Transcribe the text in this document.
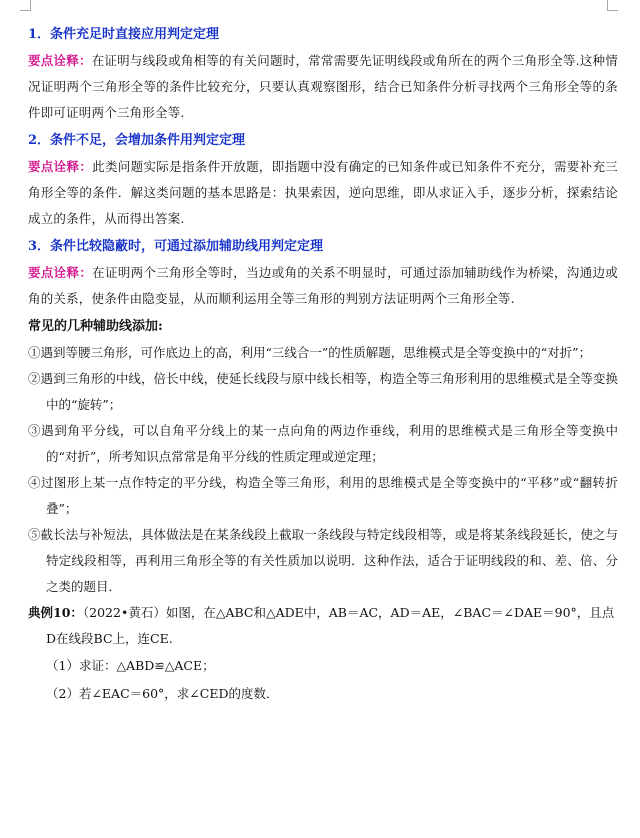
1．条件充足时直接应用判定定理

要点诠释：在证明与线段或角相等的有关问题时，常常需要先证明线段或角所在的两个三角形全等.这种情况证明两个三角形全等的条件比较充分，只要认真观察图形，结合已知条件分析寻找两个三角形全等的条件即可证明两个三角形全等.

2．条件不足，会增加条件用判定定理

要点诠释：此类问题实际是指条件开放题，即指题中没有确定的已知条件或已知条件不充分，需要补充三角形全等的条件．解这类问题的基本思路是：执果索因，逆向思维，即从求证入手，逐步分析，探索结论成立的条件，从而得出答案.

3．条件比较隐蔽时，可通过添加辅助线用判定定理

要点诠释：在证明两个三角形全等时，当边或角的关系不明显时，可通过添加辅助线作为桥梁，沟通边或角的关系，使条件由隐变显，从而顺利运用全等三角形的判别方法证明两个三角形全等.

常见的几种辅助线添加:

①遇到等腰三角形，可作底边上的高，利用“三线合一”的性质解题，思维模式是全等变换中的“对折”；

②遇到三角形的中线，倍长中线，使延长线段与原中线长相等，构造全等三角形利用的思维模式是全等变换中的“旋转”；

③遇到角平分线，可以自角平分线上的某一点向角的两边作垂线，利用的思维模式是三角形全等变换中的“对折”，所考知识点常常是角平分线的性质定理或逆定理；

④过图形上某一点作特定的平分线，构造全等三角形，利用的思维模式是全等变换中的“平移”或“翻转折叠”；

⑤截长法与补短法，具体做法是在某条线段上截取一条线段与特定线段相等，或是将某条线段延长，使之与特定线段相等，再利用三角形全等的有关性质加以说明．这种作法，适合于证明线段的和、差、倍、分之类的题目．

典例10：（2022•黄石）如图，在△ABC和△ADE中，AB＝AC，AD＝AE，∠BAC＝∠DAE＝90°，且点D在线段BC上，连CE.

（1）求证：△ABD≌△ACE；

（2）若∠EAC＝60°，求∠CED的度数．
